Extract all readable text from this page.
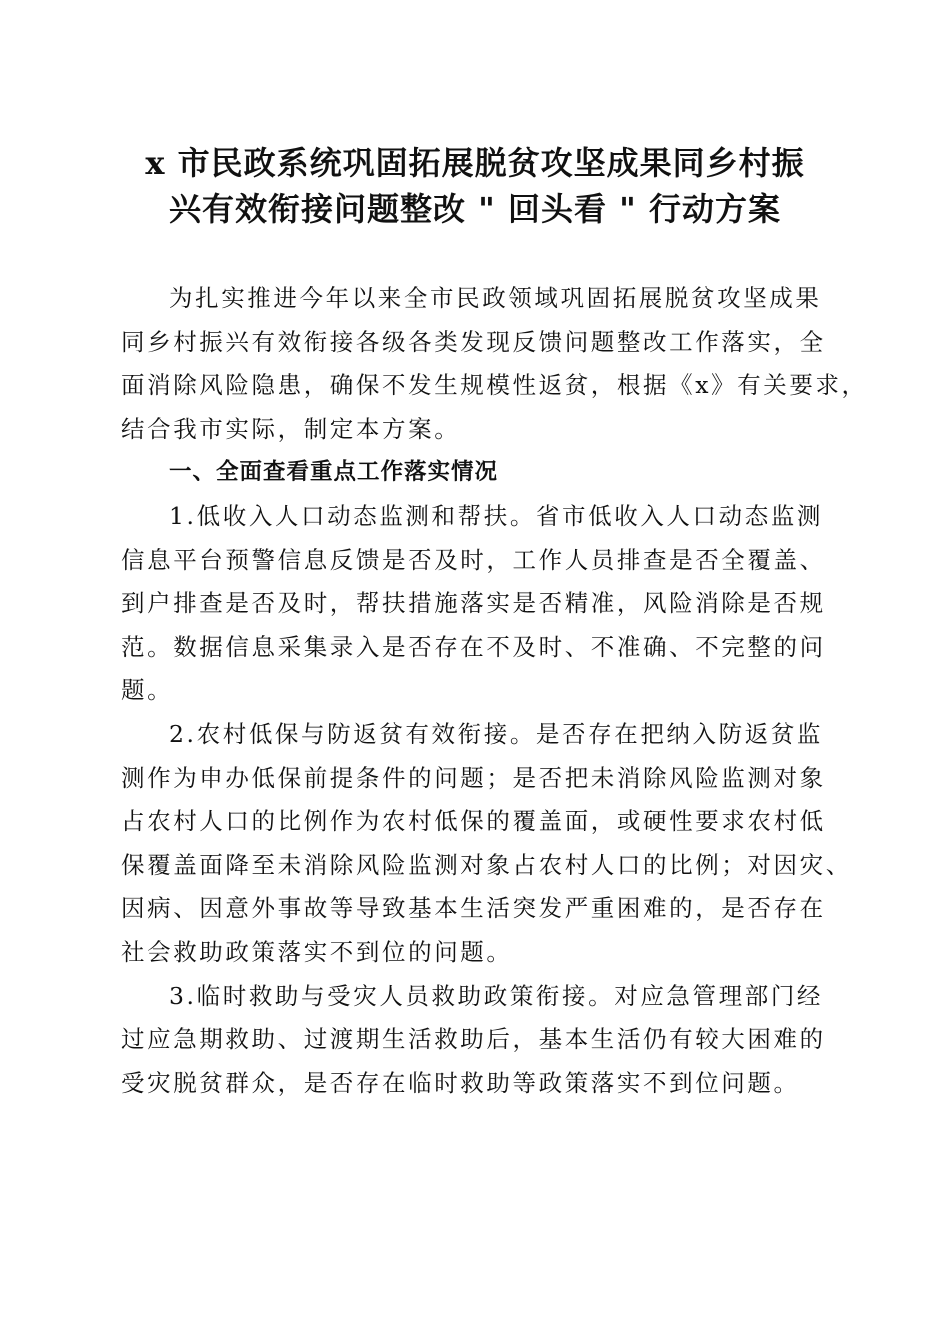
x 市民政系统巩固拓展脱贫攻坚成果同乡村振
兴有效衔接问题整改 " 回头看 " 行动方案

为扎实推进今年以来全市民政领域巩固拓展脱贫攻坚成果
同乡村振兴有效衔接各级各类发现反馈问题整改工作落实，全
面消除风险隐患，确保不发生规模性返贫，根据《x》有关要求，
结合我市实际，制定本方案。

一、全面查看重点工作落实情况

1.低收入人口动态监测和帮扶。省市低收入人口动态监测
信息平台预警信息反馈是否及时，工作人员排查是否全覆盖、
到户排查是否及时，帮扶措施落实是否精准，风险消除是否规
范。数据信息采集录入是否存在不及时、不准确、不完整的问
题。

2.农村低保与防返贫有效衔接。是否存在把纳入防返贫监
测作为申办低保前提条件的问题；是否把未消除风险监测对象
占农村人口的比例作为农村低保的覆盖面，或硬性要求农村低
保覆盖面降至未消除风险监测对象占农村人口的比例；对因灾、
因病、因意外事故等导致基本生活突发严重困难的，是否存在
社会救助政策落实不到位的问题。

3.临时救助与受灾人员救助政策衔接。对应急管理部门经
过应急期救助、过渡期生活救助后，基本生活仍有较大困难的
受灾脱贫群众，是否存在临时救助等政策落实不到位问题。
